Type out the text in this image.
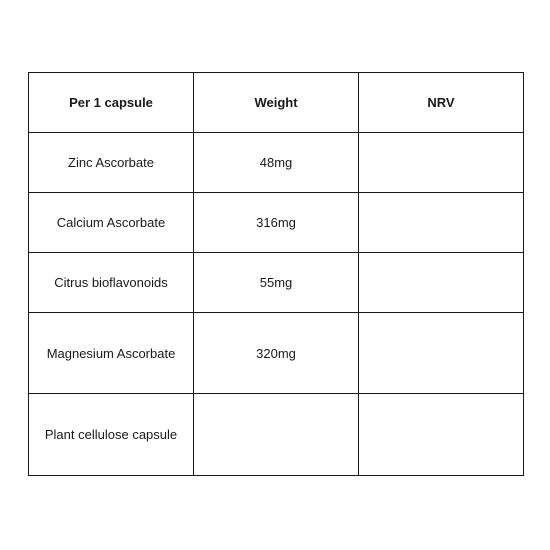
Per 1 capsule	Weight	NRV
Zinc Ascorbate	48mg	
Calcium Ascorbate	316mg	
Citrus bioflavonoids	55mg	
Magnesium Ascorbate	320mg	
Plant cellulose capsule		
